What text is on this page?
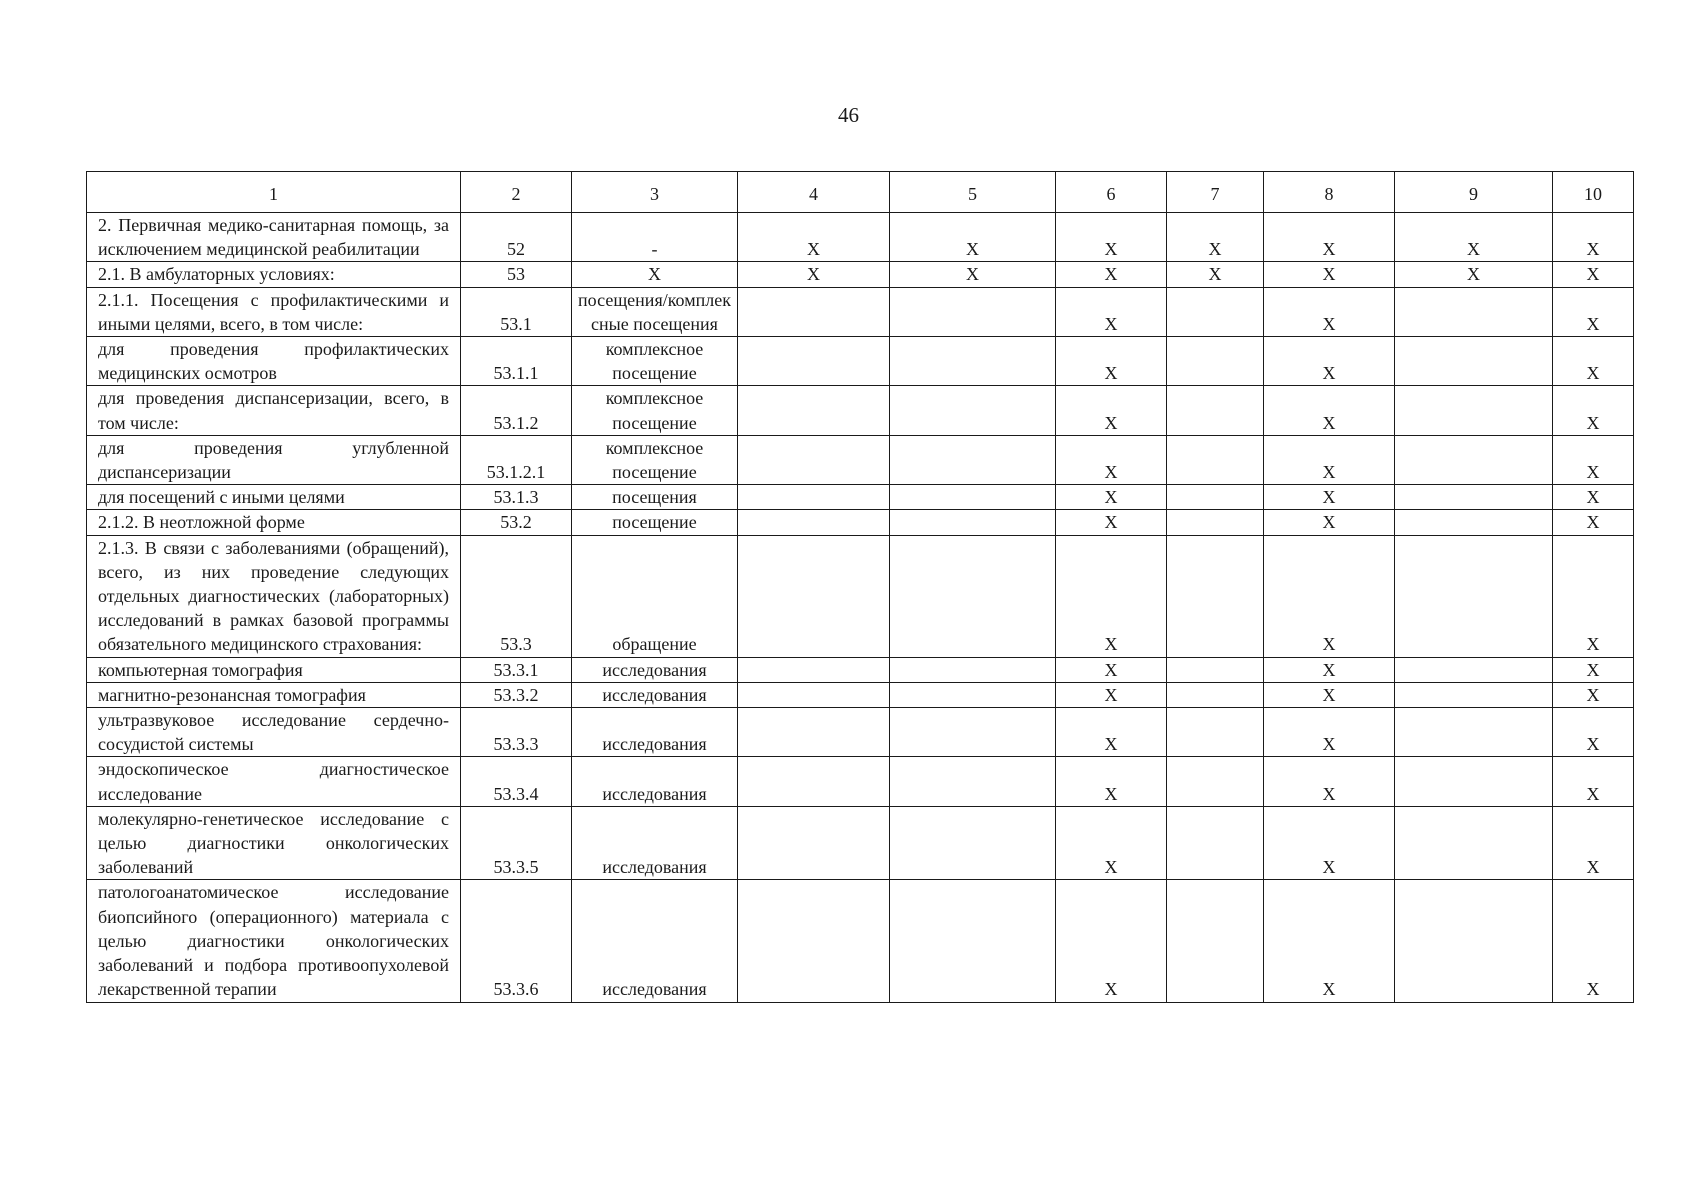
46
1	2	3	4	5	6	7	8	9	10
2. Первичная медико-санитарная помощь, за исключением медицинской реабилитации	52	-	Х	Х	Х	Х	Х	Х	Х
2.1. В амбулаторных условиях:	53	Х	Х	Х	Х	Х	Х	Х	Х
2.1.1. Посещения с профилактическими и иными целями, всего, в том числе:	53.1	посещения/комплексные посещения			Х		Х		Х
для проведения профилактических медицинских осмотров	53.1.1	комплексное посещение			Х		Х		Х
для проведения диспансеризации, всего, в том числе:	53.1.2	комплексное посещение			Х		Х		Х
для проведения углубленной диспансеризации	53.1.2.1	комплексное посещение			Х		Х		Х
для посещений с иными целями	53.1.3	посещения			Х		Х		Х
2.1.2. В неотложной форме	53.2	посещение			Х		Х		Х
2.1.3. В связи с заболеваниями (обращений), всего, из них проведение следующих отдельных диагностических (лабораторных) исследований в рамках базовой программы обязательного медицинского страхования:	53.3	обращение			Х		Х		Х
компьютерная томография	53.3.1	исследования			Х		Х		Х
магнитно-резонансная томография	53.3.2	исследования			Х		Х		Х
ультразвуковое исследование сердечно-сосудистой системы	53.3.3	исследования			Х		Х		Х
эндоскопическое диагностическое исследование	53.3.4	исследования			Х		Х		Х
молекулярно-генетическое исследование с целью диагностики онкологических заболеваний	53.3.5	исследования			Х		Х		Х
патологоанатомическое исследование биопсийного (операционного) материала с целью диагностики онкологических заболеваний и подбора противоопухолевой лекарственной терапии	53.3.6	исследования			Х		Х		Х
